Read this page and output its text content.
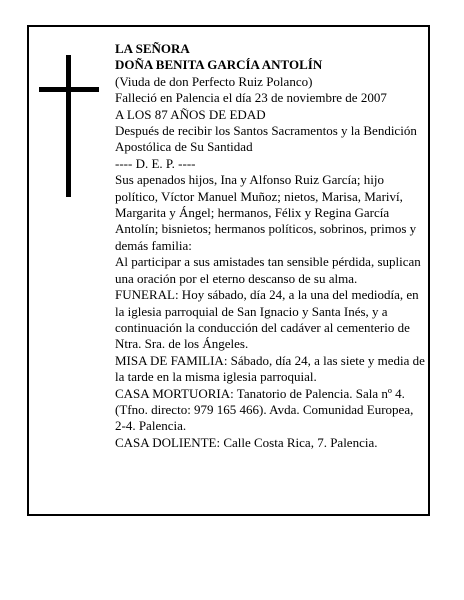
LA SEÑORA

DOÑA BENITA GARCÍA ANTOLÍN

(Viuda de don Perfecto Ruiz Polanco)

Falleció en Palencia el día 23 de noviembre de 2007

A LOS 87 AÑOS DE EDAD

Después de recibir los Santos Sacramentos y la Bendición Apostólica de Su Santidad

---- D. E. P. ----

Sus apenados hijos, Ina y Alfonso Ruiz García; hijo político, Víctor Manuel Muñoz; nietos, Marisa, Mariví, Margarita y Ángel; hermanos, Félix y Regina García Antolín; bisnietos; hermanos políticos, sobrinos, primos y demás familia:

Al participar a sus amistades tan sensible pérdida, suplican una oración por el eterno descanso de su alma.

FUNERAL: Hoy sábado, día 24, a la una del mediodía, en la iglesia parroquial de San Ignacio y Santa Inés, y a continuación la conducción del cadáver al cementerio de Ntra. Sra. de los Ángeles.

MISA DE FAMILIA: Sábado, día 24, a las siete y media de la tarde en la misma iglesia parroquial.

CASA MORTUORIA: Tanatorio de Palencia. Sala nº 4. (Tfno. directo: 979 165 466). Avda. Comunidad Europea, 2-4. Palencia.

CASA DOLIENTE: Calle Costa Rica, 7. Palencia.
